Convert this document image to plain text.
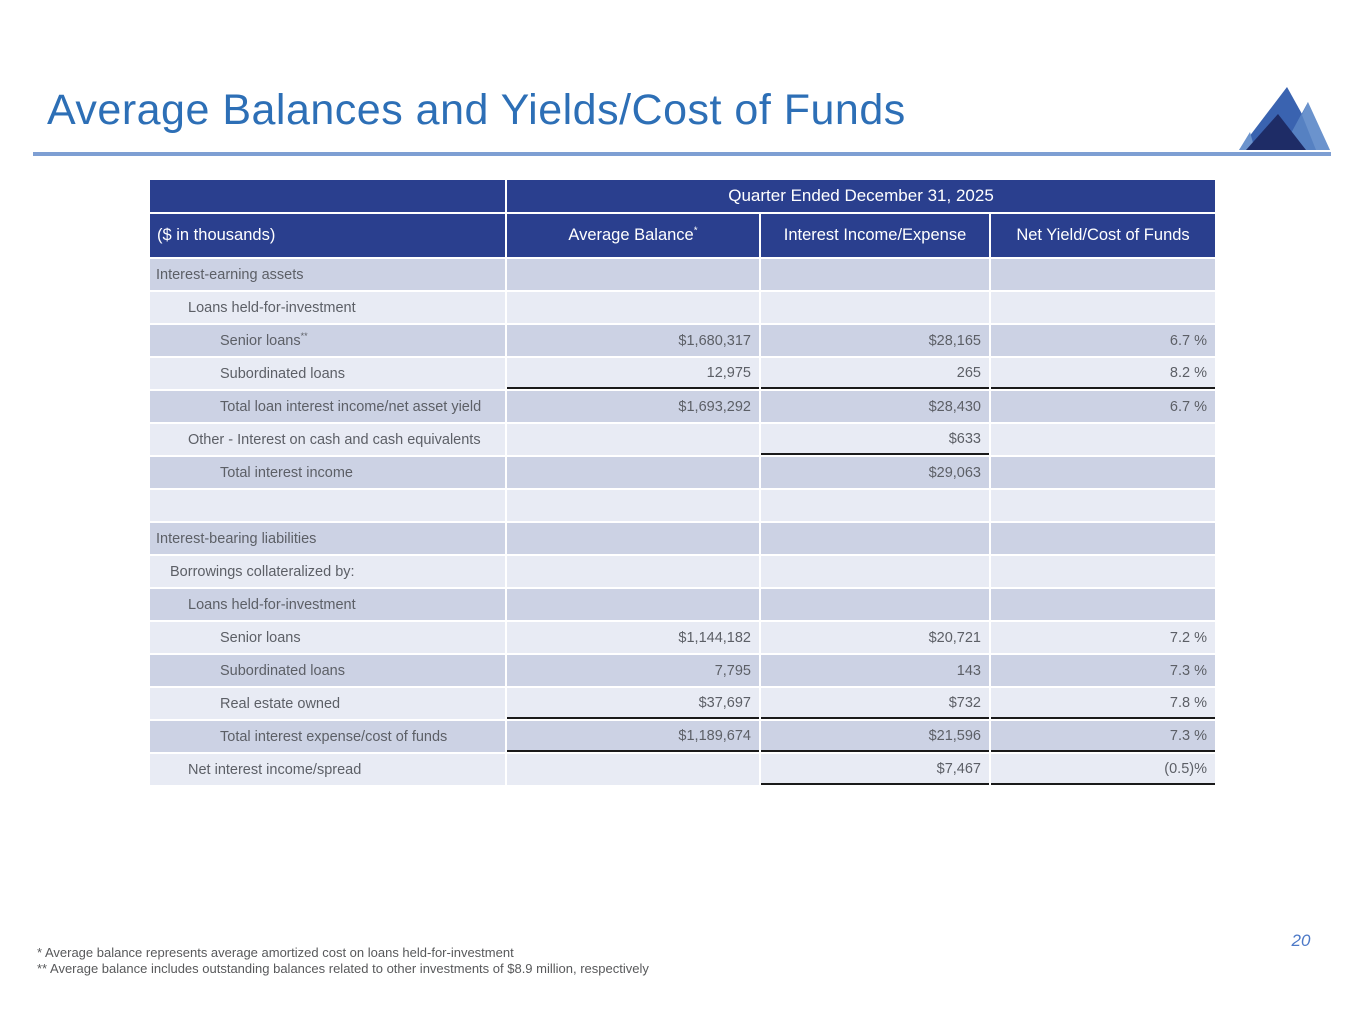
Average Balances and Yields/Cost of Funds
	Quarter Ended December 31, 2025		
($ in thousands)	Average Balance*	Interest Income/Expense	Net Yield/Cost of Funds
Interest-earning assets			
Loans held-for-investment			
Senior loans**	$1,680,317	$28,165	6.7 %
Subordinated loans	12,975	265	8.2 %
Total loan interest income/net asset yield	$1,693,292	$28,430	6.7 %
Other - Interest on cash and cash equivalents		$633	
Total interest income		$29,063	

Interest-bearing liabilities			
Borrowings collateralized by:			
Loans held-for-investment			
Senior loans	$1,144,182	$20,721	7.2 %
Subordinated loans	7,795	143	7.3 %
Real estate owned	$37,697	$732	7.8 %
Total interest expense/cost of funds	$1,189,674	$21,596	7.3 %
Net interest income/spread		$7,467	(0.5)%
* Average balance represents average amortized cost on loans held-for-investment
** Average balance includes outstanding balances related to other investments of $8.9 million, respectively
20
